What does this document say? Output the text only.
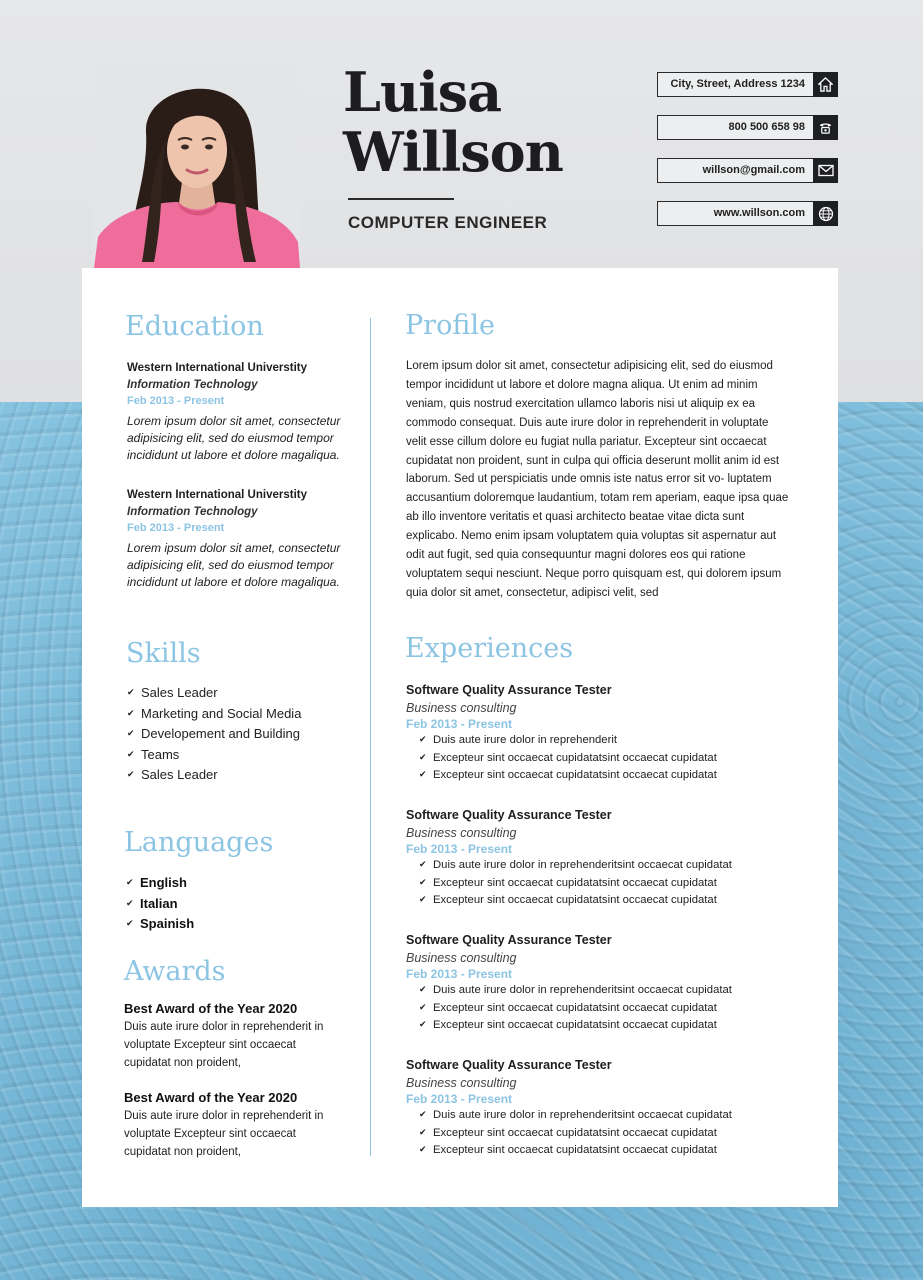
Luisa
Willson
COMPUTER ENGINEER
City, Street, Address 1234
800 500 658 98
willson@gmail.com
www.willson.com
Education
Western International Universtity
Information Technology
Feb 2013 - Present
Lorem ipsum dolor sit amet, consectetur adipisicing elit, sed do eiusmod tempor incididunt ut labore et dolore magaliqua.
Western International Universtity
Information Technology
Feb 2013 - Present
Lorem ipsum dolor sit amet, consectetur adipisicing elit, sed do eiusmod tempor incididunt ut labore et dolore magaliqua.
Skills
✔ Sales Leader
✔ Marketing and Social Media
✔ Developement and Building
✔ Teams
✔ Sales Leader
Languages
✔ English
✔ Italian
✔ Spainish
Awards
Best Award of the Year 2020
Duis aute irure dolor in reprehenderit in voluptate Excepteur sint occaecat cupidatat non proident,
Best Award of the Year 2020
Duis aute irure dolor in reprehenderit in voluptate Excepteur sint occaecat cupidatat non proident,
Profile
Lorem ipsum dolor sit amet, consectetur adipisicing elit, sed do eiusmod tempor incididunt ut labore et dolore magna aliqua. Ut enim ad minim veniam, quis nostrud exercitation ullamco laboris nisi ut aliquip ex ea commodo consequat. Duis aute irure dolor in reprehenderit in voluptate velit esse cillum dolore eu fugiat nulla pariatur. Excepteur sint occaecat cupidatat non proident, sunt in culpa qui officia deserunt mollit anim id est laborum. Sed ut perspiciatis unde omnis iste natus error sit vo- luptatem accusantium doloremque laudantium, totam rem aperiam, eaque ipsa quae ab illo inventore veritatis et quasi architecto beatae vitae dicta sunt explicabo. Nemo enim ipsam voluptatem quia voluptas sit aspernatur aut odit aut fugit, sed quia consequuntur magni dolores eos qui ratione voluptatem sequi nesciunt. Neque porro quisquam est, qui dolorem ipsum quia dolor sit amet, consectetur, adipisci velit, sed
Experiences
Software Quality Assurance Tester
Business consulting
Feb 2013 - Present
✔ Duis aute irure dolor in reprehenderit
✔ Excepteur sint occaecat cupidatatsint occaecat cupidatat
✔ Excepteur sint occaecat cupidatatsint occaecat cupidatat
Software Quality Assurance Tester
Business consulting
Feb 2013 - Present
✔ Duis aute irure dolor in reprehenderitsint occaecat cupidatat
✔ Excepteur sint occaecat cupidatatsint occaecat cupidatat
✔ Excepteur sint occaecat cupidatatsint occaecat cupidatat
Software Quality Assurance Tester
Business consulting
Feb 2013 - Present
✔ Duis aute irure dolor in reprehenderitsint occaecat cupidatat
✔ Excepteur sint occaecat cupidatatsint occaecat cupidatat
✔ Excepteur sint occaecat cupidatatsint occaecat cupidatat
Software Quality Assurance Tester
Business consulting
Feb 2013 - Present
✔ Duis aute irure dolor in reprehenderitsint occaecat cupidatat
✔ Excepteur sint occaecat cupidatatsint occaecat cupidatat
✔ Excepteur sint occaecat cupidatatsint occaecat cupidatat
